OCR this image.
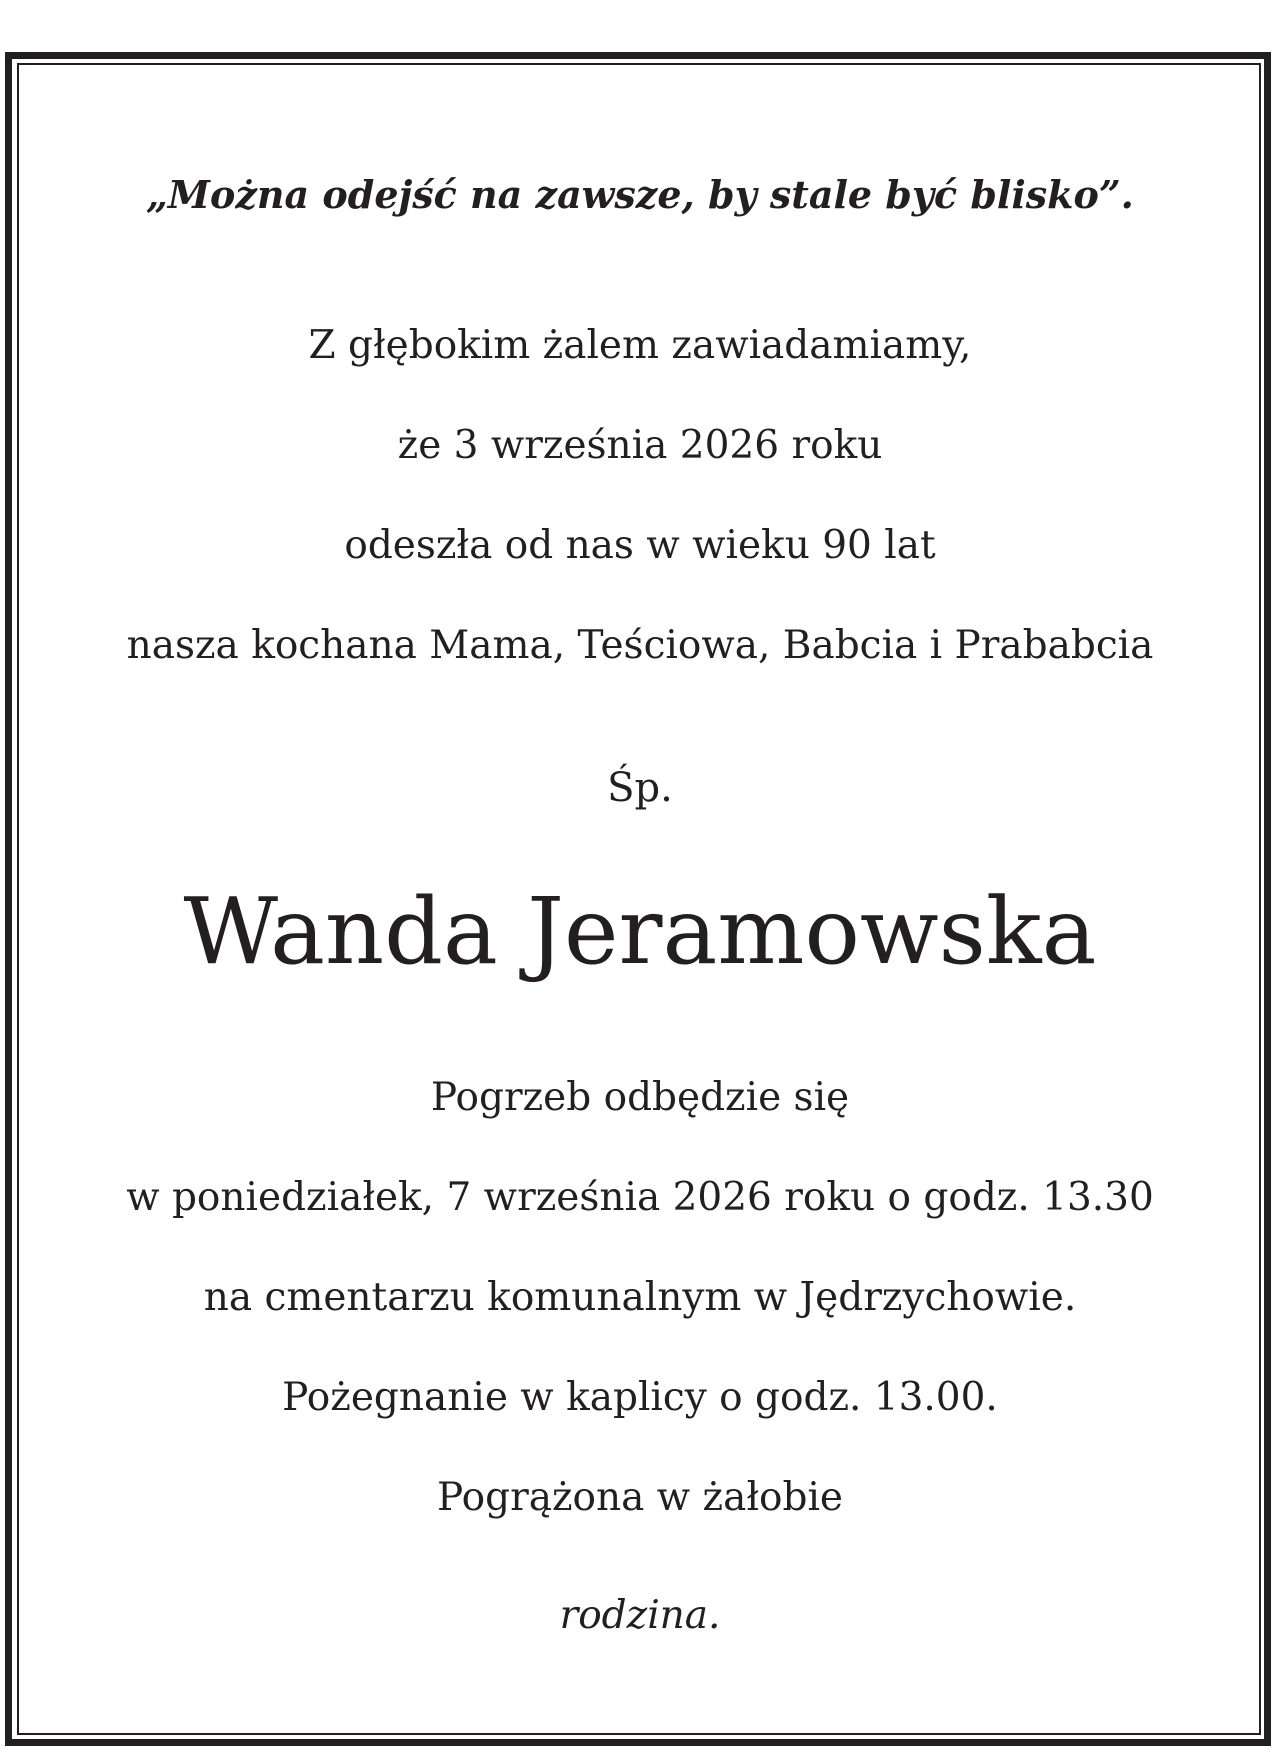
„Można odejść na zawsze, by stale być blisko”.
Z głębokim żalem zawiadamiamy,
że 3 września 2026 roku
odeszła od nas w wieku 90 lat
nasza kochana Mama, Teściowa, Babcia i Prababcia
Śp.
Wanda Jeramowska
Pogrzeb odbędzie się
w poniedziałek, 7 września 2026 roku o godz. 13.30
na cmentarzu komunalnym w Jędrzychowie.
Pożegnanie w kaplicy o godz. 13.00.
Pogrążona w żałobie
rodzina.
